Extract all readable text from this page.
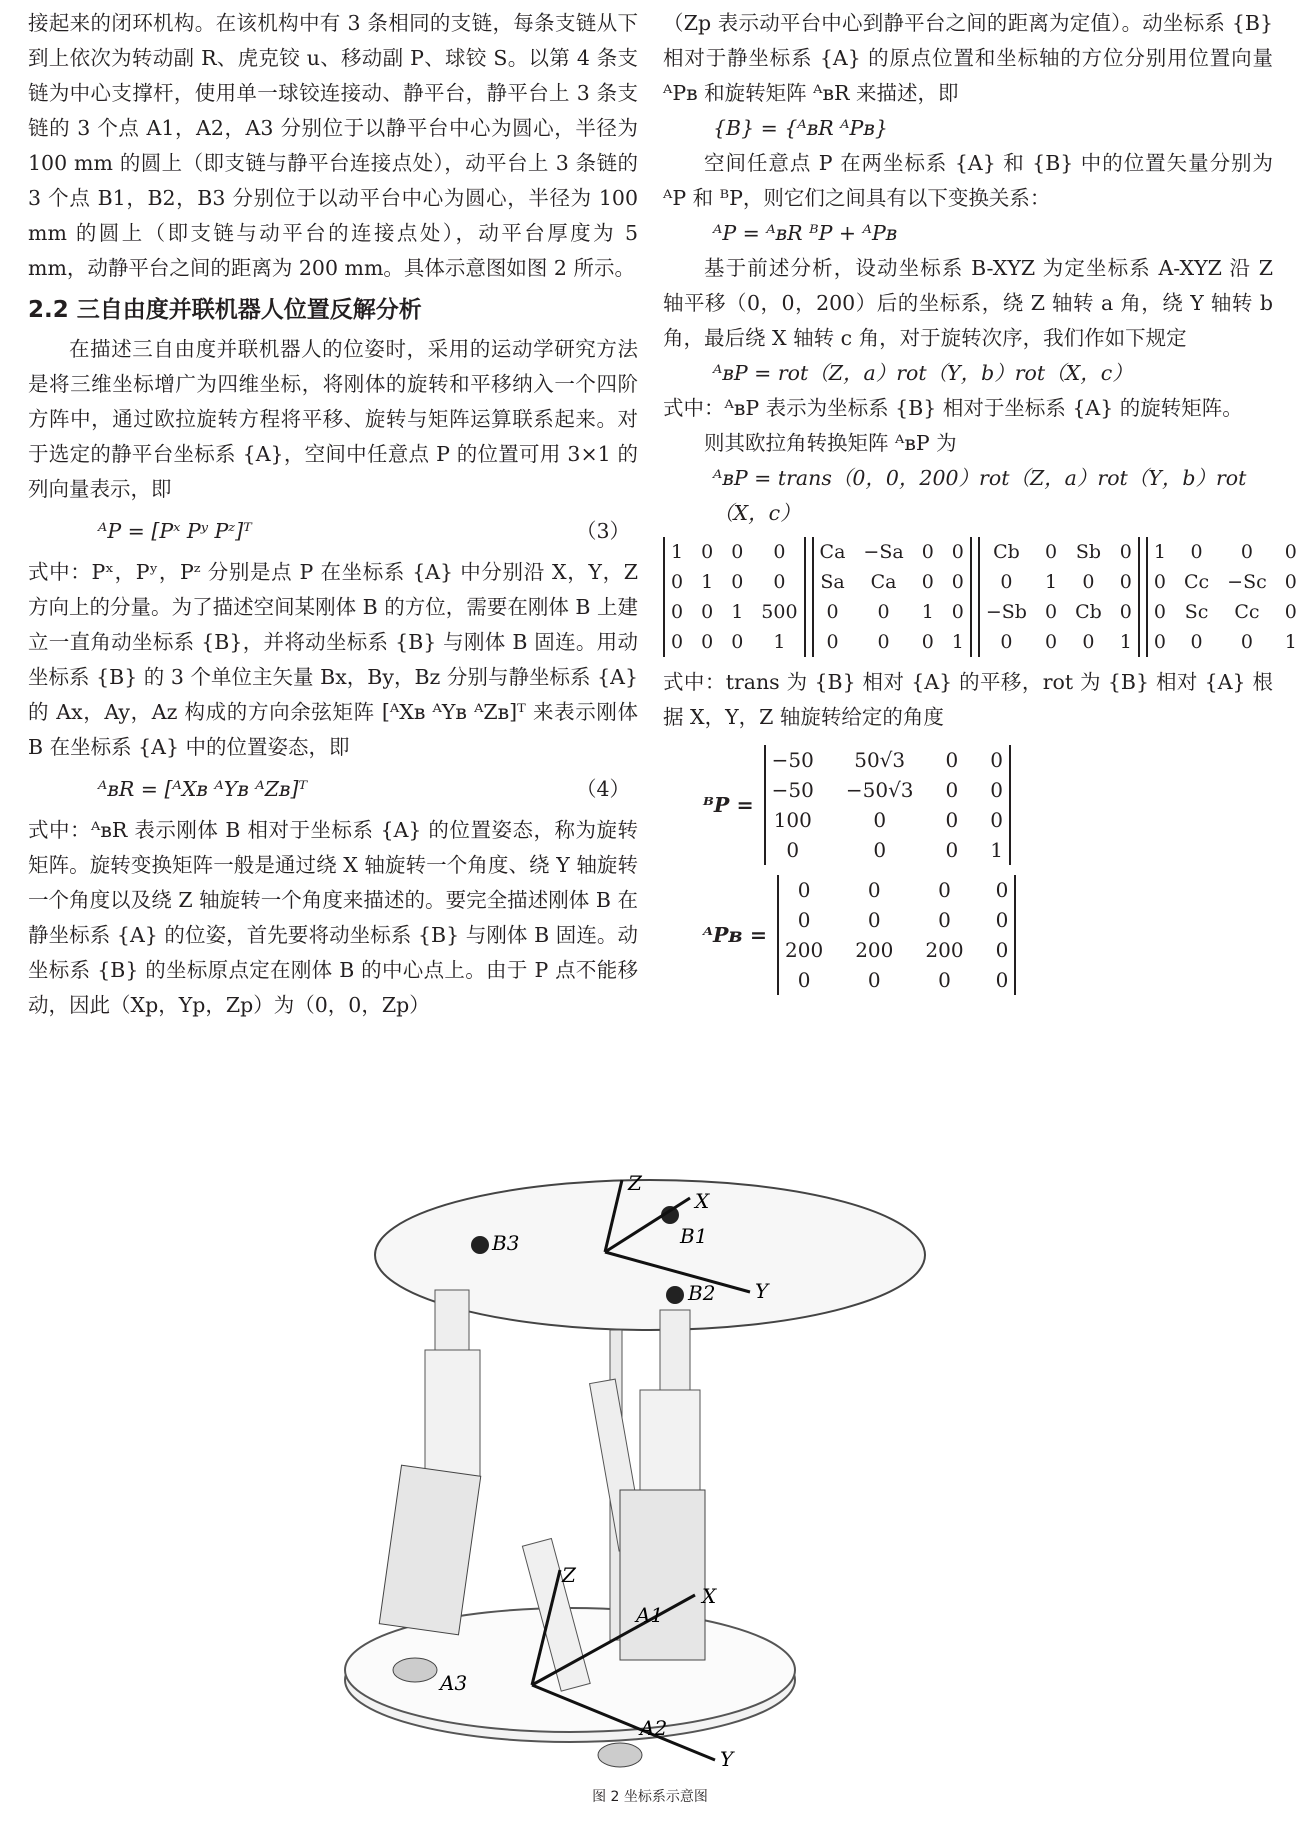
接起来的闭环机构。在该机构中有 3 条相同的支链，每条支链从下到上依次为转动副 R、虎克铰 u、移动副 P、球铰 S。以第 4 条支链为中心支撑杆，使用单一球铰连接动、静平台，静平台上 3 条支链的 3 个点 A1，A2，A3 分别位于以静平台中心为圆心，半径为 100 mm 的圆上（即支链与静平台连接点处），动平台上 3 条链的 3 个点 B1，B2，B3 分别位于以动平台中心为圆心，半径为 100 mm 的圆上（即支链与动平台的连接点处），动平台厚度为 5 mm，动静平台之间的距离为 200 mm。具体示意图如图 2 所示。

2.2 三自由度并联机器人位置反解分析

在描述三自由度并联机器人的位姿时，采用的运动学研究方法是将三维坐标增广为四维坐标，将刚体的旋转和平移纳入一个四阶方阵中，通过欧拉旋转方程将平移、旋转与矩阵运算联系起来。对于选定的静平台坐标系 {A}，空间中任意点 P 的位置可用 3×1 的列向量表示，即

ᴬP = [Pˣ Pʸ Pᶻ]ᵀ	（3）

式中：Pˣ，Pʸ，Pᶻ 分别是点 P 在坐标系 {A} 中分别沿 X，Y，Z 方向上的分量。为了描述空间某刚体 B 的方位，需要在刚体 B 上建立一直角动坐标系 {B}，并将动坐标系 {B} 与刚体 B 固连。用动坐标系 {B} 的 3 个单位主矢量 Bx，By，Bz 分别与静坐标系 {A} 的 Ax，Ay，Az 构成的方向余弦矩阵 [ᴬXʙ ᴬYʙ ᴬZʙ]ᵀ 来表示刚体 B 在坐标系 {A} 中的位置姿态，即

ᴬʙR = [ᴬXʙ ᴬYʙ ᴬZʙ]ᵀ	（4）

式中：ᴬʙR 表示刚体 B 相对于坐标系 {A} 的位置姿态，称为旋转矩阵。旋转变换矩阵一般是通过绕 X 轴旋转一个角度、绕 Y 轴旋转一个角度以及绕 Z 轴旋转一个角度来描述的。要完全描述刚体 B 在静坐标系 {A} 的位姿，首先要将动坐标系 {B} 与刚体 B 固连。动坐标系 {B} 的坐标原点定在刚体 B 的中心点上。由于 P 点不能移动，因此（Xp，Yp，Zp）为（0，0，Zp）

（Zp 表示动平台中心到静平台之间的距离为定值）。动坐标系 {B} 相对于静坐标系 {A} 的原点位置和坐标轴的方位分别用位置向量 ᴬPʙ 和旋转矩阵 ᴬʙR 来描述，即

{B} = {ᴬʙR ᴬPʙ}

空间任意点 P 在两坐标系 {A} 和 {B} 中的位置矢量分别为 ᴬP 和 ᴮP，则它们之间具有以下变换关系：

ᴬP = ᴬʙR ᴮP + ᴬPʙ

基于前述分析，设动坐标系 B-XYZ 为定坐标系 A-XYZ 沿 Z 轴平移（0，0，200）后的坐标系，绕 Z 轴转 a 角，绕 Y 轴转 b 角，最后绕 X 轴转 c 角，对于旋转次序，我们作如下规定

ᴬʙP = rot（Z，a）rot（Y，b）rot（X，c）

式中：ᴬʙP 表示为坐标系 {B} 相对于坐标系 {A} 的旋转矩阵。

则其欧拉角转换矩阵 ᴬʙP 为

ᴬʙP = trans（0，0，200）rot（Z，a）rot（Y，b）rot（X，c）
1 0 0	0
0 1 0	0
0 0 1 500
0 0 0	1
Ca −Sa 0 0
Sa	Ca	0 0
0	0	1 0
0	0	0 1
Cb	0 Sb 0
0	1	0	0
−Sb 0 Cb 0
0	0	0	1
1	0	0	0
0 Cc −Sc 0
0 Sc	Cc	0
0	0	0	1

式中：trans 为 {B} 相对 {A} 的平移，rot 为 {B} 相对 {A} 根据 X，Y，Z 轴旋转给定的角度

ᴮP =
−50	50√3	0 0
−50 −50√3 0 0
100	0	0 0
0	0	0 1
ᴬPʙ =
0	0	0	0
0	0	0	0
200 200 200 0
0	0	0	0
Z
X
Y
B1
B2
B3
Z
X
Y
A1
A2
A3
图 2 坐标系示意图
